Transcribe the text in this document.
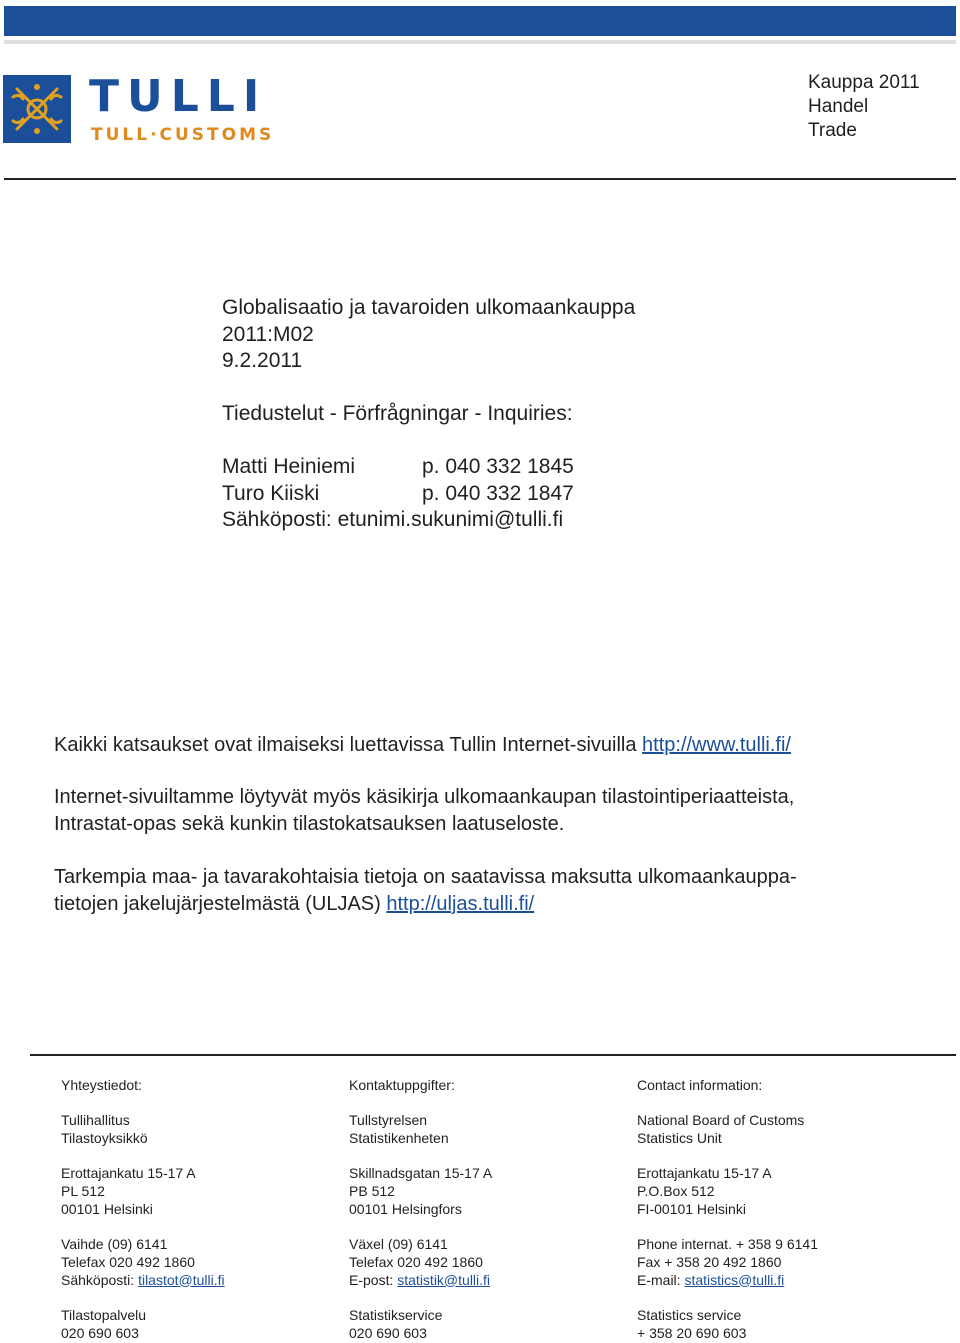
TULLI
TULL·CUSTOMS
Kauppa 2011
Handel
Trade
Globalisaatio ja tavaroiden ulkomaankauppa
2011:M02
9.2.2011
Tiedustelut - Förfrågningar - Inquiries:
Matti Heiniemi	p. 040 332 1845
Turo Kiiski	p. 040 332 1847
Sähköposti: etunimi.sukunimi@tulli.fi
Kaikki katsaukset ovat ilmaiseksi luettavissa Tullin Internet-sivuilla http://www.tulli.fi/
Internet-sivuiltamme löytyvät myös käsikirja ulkomaankaupan tilastointiperiaatteista,
Intrastat-opas sekä kunkin tilastokatsauksen laatuseloste.
Tarkempia maa- ja tavarakohtaisia tietoja on saatavissa maksutta ulkomaankauppa-
tietojen jakelujärjestelmästä (ULJAS) http://uljas.tulli.fi/
Yhteystiedot:
Tullihallitus
Tilastoyksikkö
Erottajankatu 15-17 A
PL 512
00101 Helsinki
Vaihde (09) 6141
Telefax 020 492 1860
Sähköposti: tilastot@tulli.fi
Tilastopalvelu
020 690 603
Kontaktuppgifter:
Tullstyrelsen
Statistikenheten
Skillnadsgatan 15-17 A
PB 512
00101 Helsingfors
Växel (09) 6141
Telefax 020 492 1860
E-post: statistik@tulli.fi
Statistikservice
020 690 603
Contact information:
National Board of Customs
Statistics Unit
Erottajankatu 15-17 A
P.O.Box 512
FI-00101 Helsinki
Phone internat. + 358 9 6141
Fax + 358 20 492 1860
E-mail: statistics@tulli.fi
Statistics service
+ 358 20 690 603
